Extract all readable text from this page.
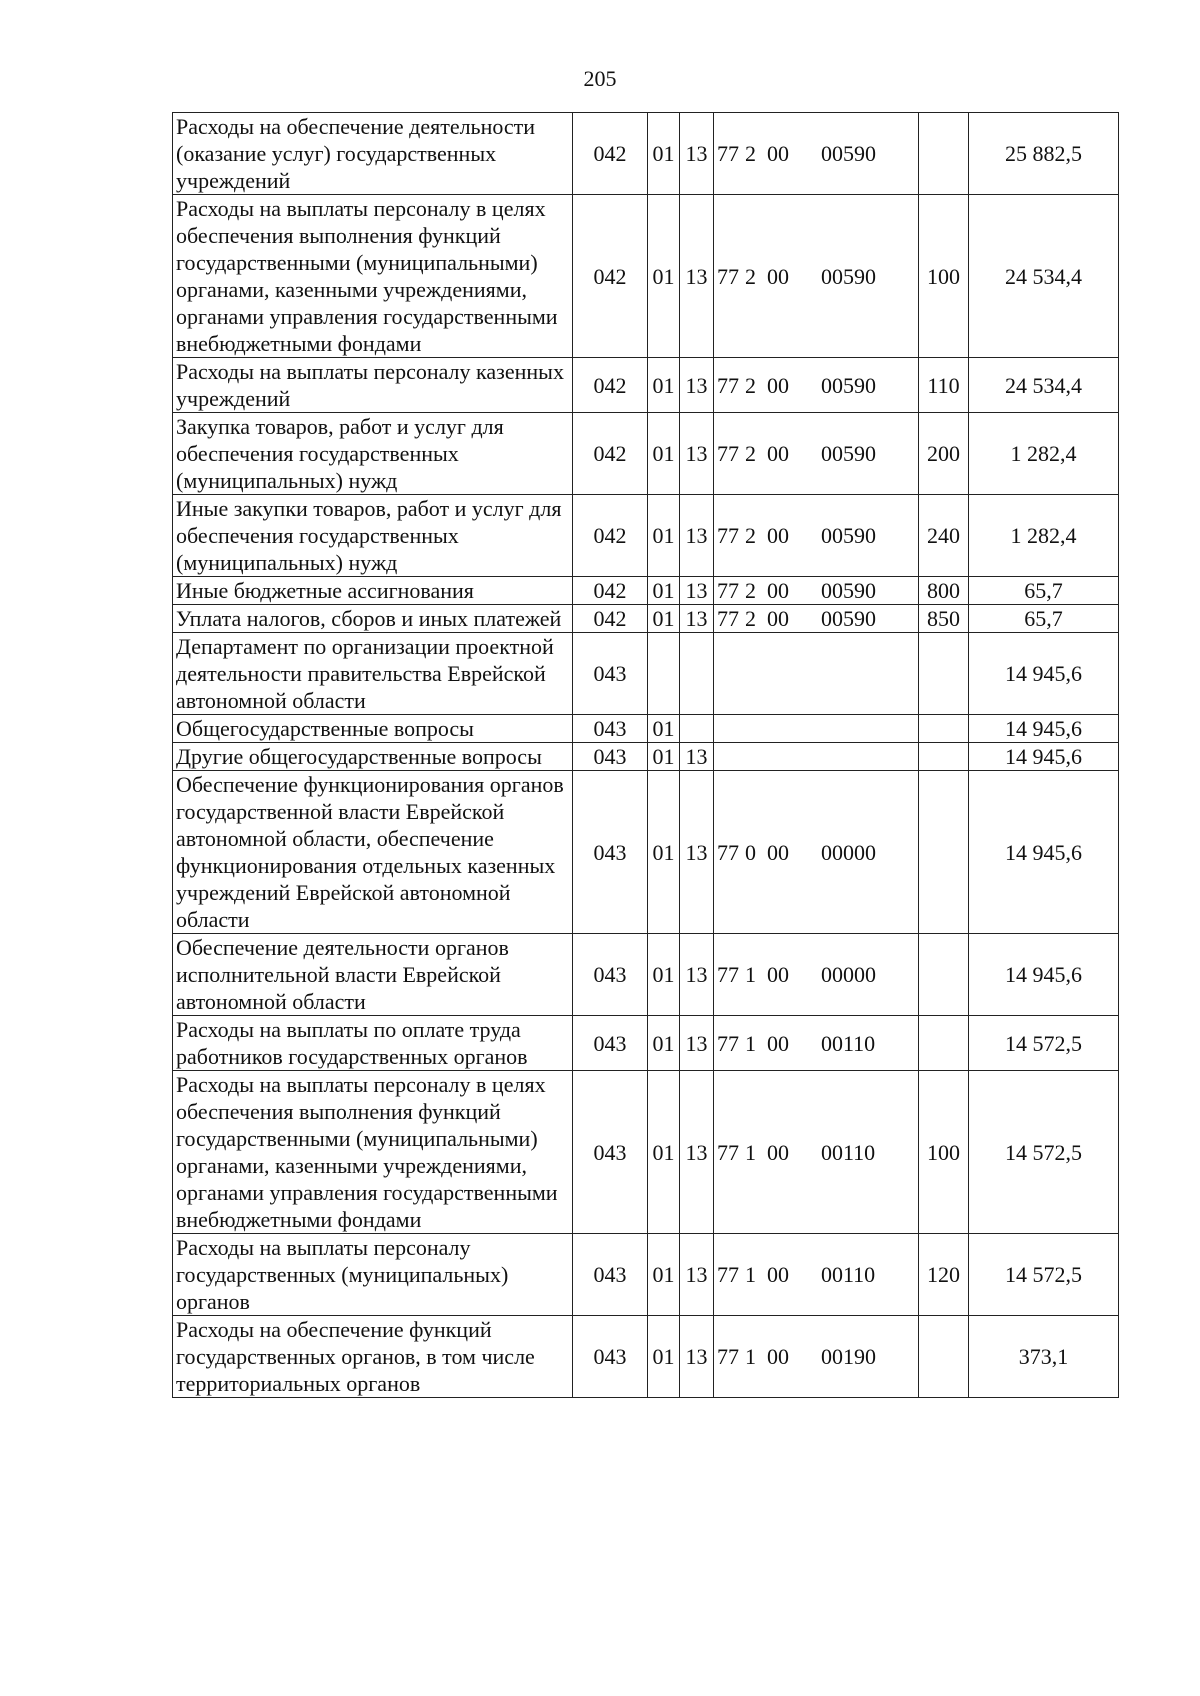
205
Расходы на обеспечение деятельности (оказание услуг) государственных учреждений	042	01	13	77 2 00 00590		25 882,5
Расходы на выплаты персоналу в целях обеспечения выполнения функций государственными (муниципальными) органами, казенными учреждениями, органами управления государственными внебюджетными фондами	042	01	13	77 2 00 00590	100	24 534,4
Расходы на выплаты персоналу казенных учреждений	042	01	13	77 2 00 00590	110	24 534,4
Закупка товаров, работ и услуг для обеспечения государственных (муниципальных) нужд	042	01	13	77 2 00 00590	200	1 282,4
Иные закупки товаров, работ и услуг для обеспечения государственных (муниципальных) нужд	042	01	13	77 2 00 00590	240	1 282,4
Иные бюджетные ассигнования	042	01	13	77 2 00 00590	800	65,7
Уплата налогов, сборов и иных платежей	042	01	13	77 2 00 00590	850	65,7
Департамент по организации проектной деятельности правительства Еврейской автономной области	043					14 945,6
Общегосударственные вопросы	043	01				14 945,6
Другие общегосударственные вопросы	043	01	13			14 945,6
Обеспечение функционирования органов государственной власти Еврейской автономной области, обеспечение функционирования отдельных казенных учреждений Еврейской автономной области	043	01	13	77 0 00 00000		14 945,6
Обеспечение деятельности органов исполнительной власти Еврейской автономной области	043	01	13	77 1 00 00000		14 945,6
Расходы на выплаты по оплате труда работников государственных органов	043	01	13	77 1 00 00110		14 572,5
Расходы на выплаты персоналу в целях обеспечения выполнения функций государственными (муниципальными) органами, казенными учреждениями, органами управления государственными внебюджетными фондами	043	01	13	77 1 00 00110	100	14 572,5
Расходы на выплаты персоналу государственных (муниципальных) органов	043	01	13	77 1 00 00110	120	14 572,5
Расходы на обеспечение функций государственных органов, в том числе территориальных органов	043	01	13	77 1 00 00190		373,1
